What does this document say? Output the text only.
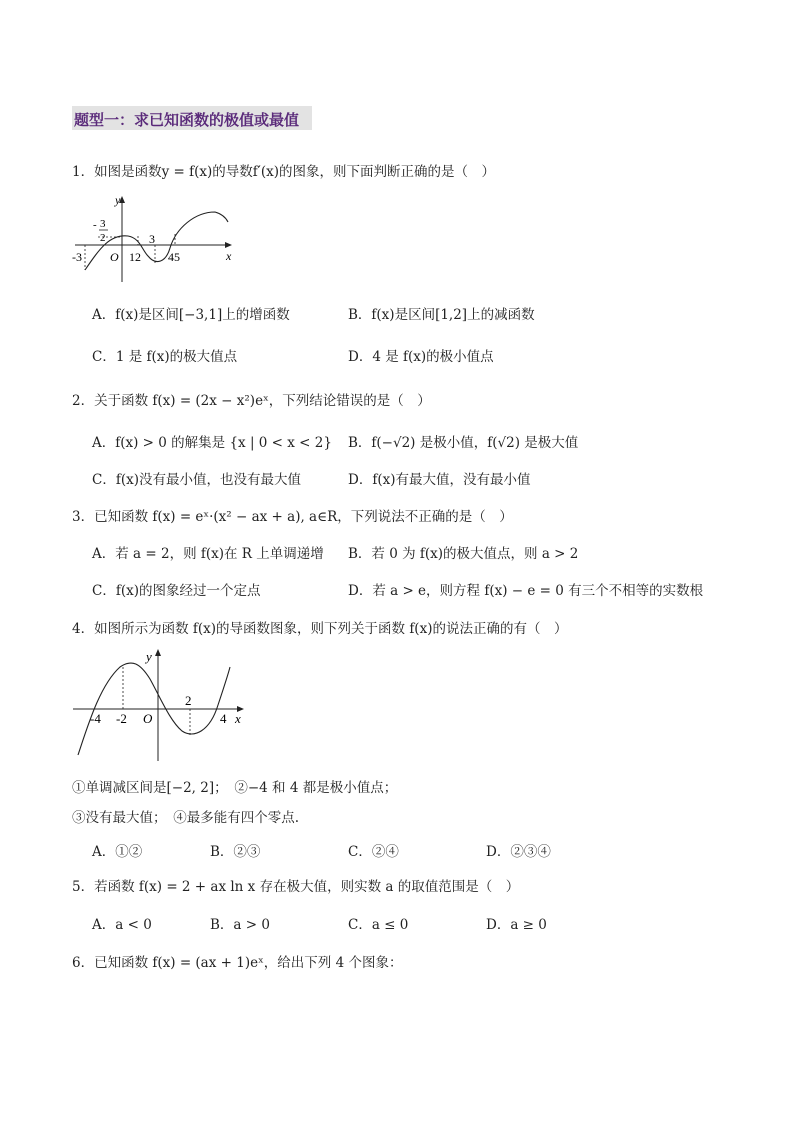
题型一：求已知函数的极值或最值
1．如图是函数y = f(x)的导数f′(x)的图象，则下面判断正确的是（　）
y
x
O
-3
- 3
2
12
3
45
A．f(x)是区间[−3,1]上的增函数	B．f(x)是区间[1,2]上的减函数
C．1 是 f(x)的极大值点	D．4 是 f(x)的极小值点
2．关于函数 f(x) = (2x − x²)eˣ，下列结论错误的是（　）
A．f(x) > 0 的解集是 {x | 0 < x < 2} B．f(−√2) 是极小值，f(√2) 是极大值
C．f(x)没有最小值，也没有最大值	D．f(x)有最大值，没有最小值
3．已知函数 f(x) = eˣ·(x² − ax + a), a∈R，下列说法不正确的是（　）
A．若 a = 2，则 f(x)在 R 上单调递增 B．若 0 为 f(x)的极大值点，则 a > 2
C．f(x)的图象经过一个定点	D．若 a > e，则方程 f(x) − e = 0 有三个不相等的实数根
4．如图所示为函数 f(x)的导函数图象，则下列关于函数 f(x)的说法正确的有（　）
y
x
O
-4 -2
2
4
①单调减区间是[−2, 2]；　②−4 和 4 都是极小值点；
③没有最大值；　④最多能有四个零点.
A．①②	B．②③	C．②④	D．②③④
5．若函数 f(x) = 2 + ax ln x 存在极大值，则实数 a 的取值范围是（　）
A．a < 0	B．a > 0	C．a ≤ 0	D．a ≥ 0
6．已知函数 f(x) = (ax + 1)eˣ，给出下列 4 个图象：
